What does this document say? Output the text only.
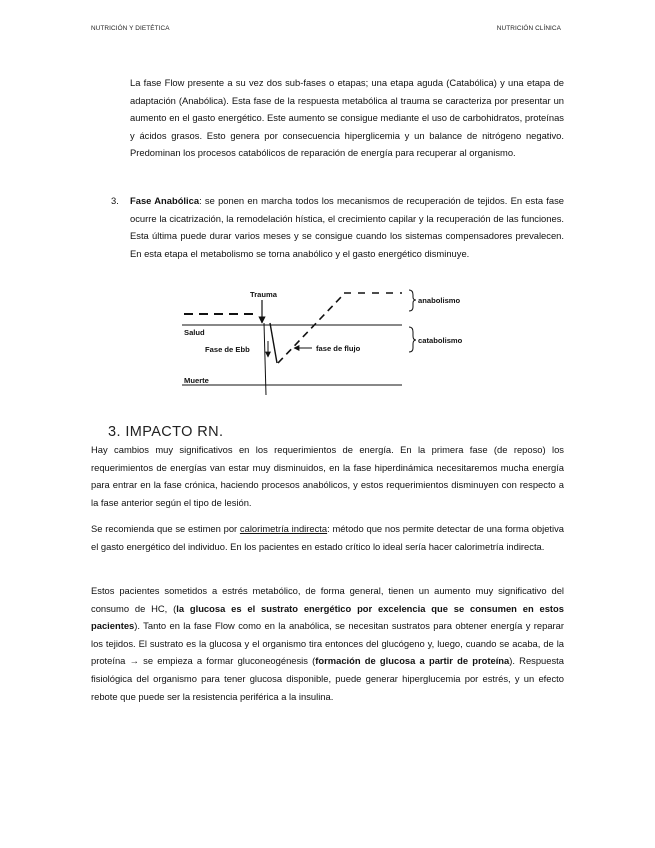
NUTRICIÓN Y DIETÉTICA	NUTRICIÓN CLÍNICA

La fase Flow presente a su vez dos sub-fases o etapas; una etapa aguda (Catabólica) y una etapa de adaptación (Anabólica). Esta fase de la respuesta metabólica al trauma se caracteriza por presentar un aumento en el gasto energético. Este aumento se consigue mediante el uso de carbohidratos, proteínas y ácidos grasos. Esto genera por consecuencia hiperglicemia y un balance de nitrógeno negativo. Predominan los procesos catabólicos de reparación de energía para recuperar al organismo.

3. Fase Anabólica: se ponen en marcha todos los mecanismos de recuperación de tejidos. En esta fase ocurre la cicatrización, la remodelación hística, el crecimiento capilar y la recuperación de las funciones. Esta última puede durar varios meses y se consigue cuando los sistemas compensadores prevalecen. En esta etapa el metabolismo se torna anabólico y el gasto energético disminuye.

Trauma
Salud
Fase de Ebb	fase de flujo
Muerte
anabolismo
catabolismo
3. IMPACTO RN.

Hay cambios muy significativos en los requerimientos de energía. En la primera fase (de reposo) los requerimientos de energías van estar muy disminuidos, en la fase hiperdinámica necesitaremos mucha energía para entrar en la fase crónica, haciendo procesos anabólicos, y estos requerimientos disminuyen con respecto a la fase anterior según el tipo de lesión.

Se recomienda que se estimen por calorimetría indirecta: método que nos permite detectar de una forma objetiva el gasto energético del individuo. En los pacientes en estado crítico lo ideal sería hacer calorimetría indirecta.

Estos pacientes sometidos a estrés metabólico, de forma general, tienen un aumento muy significativo del consumo de HC, (la glucosa es el sustrato energético por excelencia que se consumen en estos pacientes). Tanto en la fase Flow como en la anabólica, se necesitan sustratos para obtener energía y reparar los tejidos. El sustrato es la glucosa y el organismo tira entonces del glucógeno y, luego, cuando se acaba, de la proteína → se empieza a formar gluconeogénesis (formación de glucosa a partir de proteína). Respuesta fisiológica del organismo para tener glucosa disponible, puede generar hiperglucemia por estrés, y un efecto rebote que puede ser la resistencia periférica a la insulina.
